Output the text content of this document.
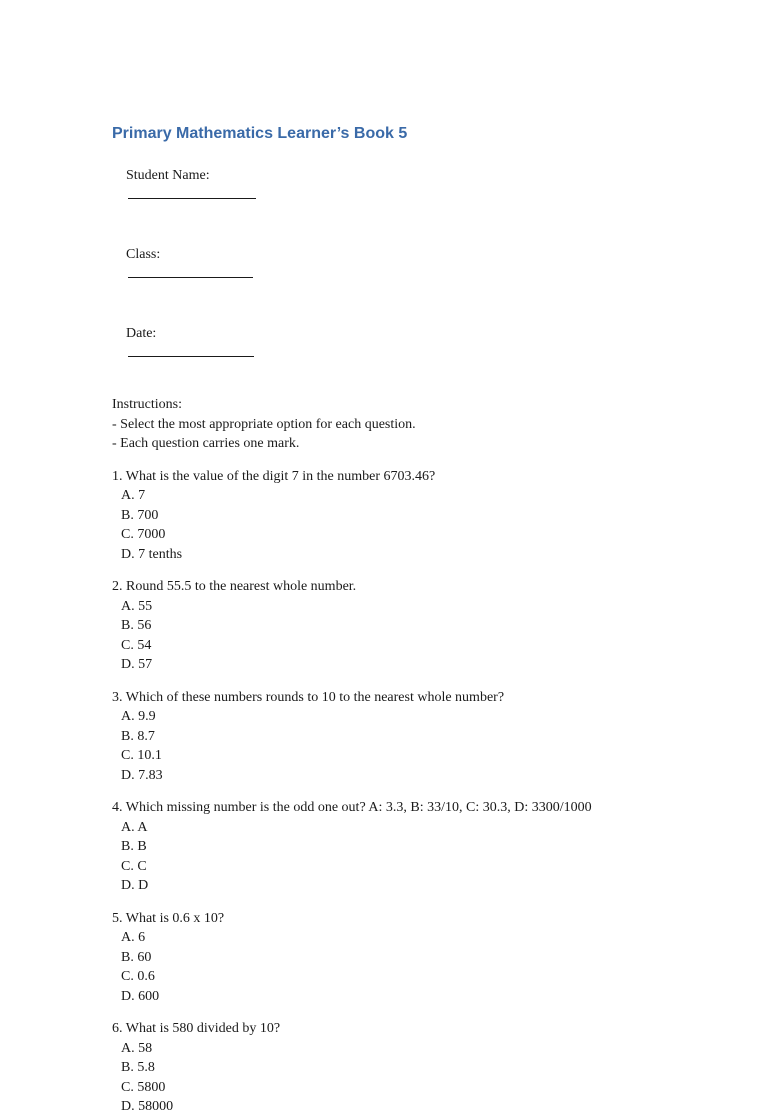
Primary Mathematics Learner’s Book 5

Student Name:

Class:

Date:

Instructions:
- Select the most appropriate option for each question.
- Each question carries one mark.
1. What is the value of the digit 7 in the number 6703.46?
A. 7
B. 700
C. 7000
D. 7 tenths
2. Round 55.5 to the nearest whole number.
A. 55
B. 56
C. 54
D. 57
3. Which of these numbers rounds to 10 to the nearest whole number?
A. 9.9
B. 8.7
C. 10.1
D. 7.83
4. Which missing number is the odd one out? A: 3.3, B: 33/10, C: 30.3, D: 3300/1000
A. A
B. B
C. C
D. D
5. What is 0.6 x 10?
A. 6
B. 60
C. 0.6
D. 600
6. What is 580 divided by 10?
A. 58
B. 5.8
C. 5800
D. 58000
